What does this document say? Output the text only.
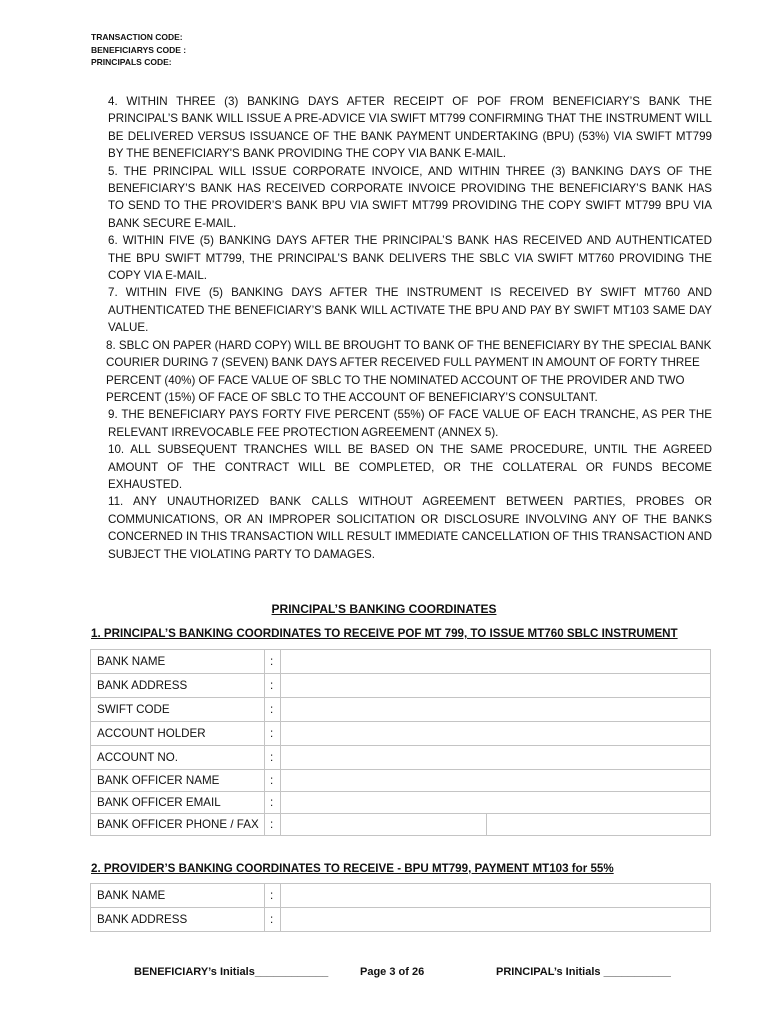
TRANSACTION CODE:
BENEFICIARYS CODE :
PRINCIPALS CODE:

4. WITHIN THREE (3) BANKING DAYS AFTER RECEIPT OF POF FROM BENEFICIARY’S BANK THE PRINCIPAL’S BANK WILL ISSUE A PRE-ADVICE VIA SWIFT MT799 CONFIRMING THAT THE INSTRUMENT WILL BE DELIVERED VERSUS ISSUANCE OF THE BANK PAYMENT UNDERTAKING (BPU) (53%) VIA SWIFT MT799 BY THE BENEFICIARY'S BANK PROVIDING THE COPY VIA BANK E-MAIL.

5. THE PRINCIPAL WILL ISSUE CORPORATE INVOICE, AND WITHIN THREE (3) BANKING DAYS OF THE BENEFICIARY’S BANK HAS RECEIVED CORPORATE INVOICE PROVIDING THE BENEFICIARY’S BANK HAS TO SEND TO THE PROVIDER’S BANK BPU VIA SWIFT MT799 PROVIDING THE COPY SWIFT MT799 BPU VIA BANK SECURE E-MAIL.

6. WITHIN FIVE (5) BANKING DAYS AFTER THE PRINCIPAL’S BANK HAS RECEIVED AND AUTHENTICATED THE BPU SWIFT MT799, THE PRINCIPAL’S BANK DELIVERS THE SBLC VIA SWIFT MT760 PROVIDING THE COPY VIA E-MAIL.

7. WITHIN FIVE (5) BANKING DAYS AFTER THE INSTRUMENT IS RECEIVED BY SWIFT MT760 AND AUTHENTICATED THE BENEFICIARY’S BANK WILL ACTIVATE THE BPU AND PAY BY SWIFT MT103 SAME DAY VALUE.

8. SBLC ON PAPER (HARD COPY) WILL BE BROUGHT TO BANK OF THE BENEFICIARY BY THE SPECIAL BANK COURIER DURING 7 (SEVEN) BANK DAYS AFTER RECEIVED FULL PAYMENT IN AMOUNT OF FORTY THREE PERCENT (40%) OF FACE VALUE OF SBLC TO THE NOMINATED ACCOUNT OF THE PROVIDER AND TWO PERCENT (15%) OF FACE OF SBLC TO THE ACCOUNT OF BENEFICIARY’S CONSULTANT.

9. THE BENEFICIARY PAYS FORTY FIVE PERCENT (55%) OF FACE VALUE OF EACH TRANCHE, AS PER THE RELEVANT IRREVOCABLE FEE PROTECTION AGREEMENT (ANNEX 5).

10. ALL SUBSEQUENT TRANCHES WILL BE BASED ON THE SAME PROCEDURE, UNTIL THE AGREED AMOUNT OF THE CONTRACT WILL BE COMPLETED, OR THE COLLATERAL OR FUNDS BECOME EXHAUSTED.

11. ANY UNAUTHORIZED BANK CALLS WITHOUT AGREEMENT BETWEEN PARTIES, PROBES OR COMMUNICATIONS, OR AN IMPROPER SOLICITATION OR DISCLOSURE INVOLVING ANY OF THE BANKS CONCERNED IN THIS TRANSACTION WILL RESULT IMMEDIATE CANCELLATION OF THIS TRANSACTION AND SUBJECT THE VIOLATING PARTY TO DAMAGES.

PRINCIPAL’S BANKING COORDINATES
1. PRINCIPAL’S BANKING COORDINATES TO RECEIVE POF MT 799, TO ISSUE MT760 SBLC INSTRUMENT
BANK NAME	:	
BANK ADDRESS	:	
SWIFT CODE	:	
ACCOUNT HOLDER	:	
ACCOUNT NO.	:	
BANK OFFICER NAME	:	
BANK OFFICER EMAIL	:	
BANK OFFICER PHONE / FAX	:	
2. PROVIDER’S BANKING COORDINATES TO RECEIVE - BPU MT799, PAYMENT MT103 for 55%
BANK NAME	:	
BANK ADDRESS	:	
BENEFICIARY’s Initials____________	Page 3 of 26	PRINCIPAL’s Initials ___________
